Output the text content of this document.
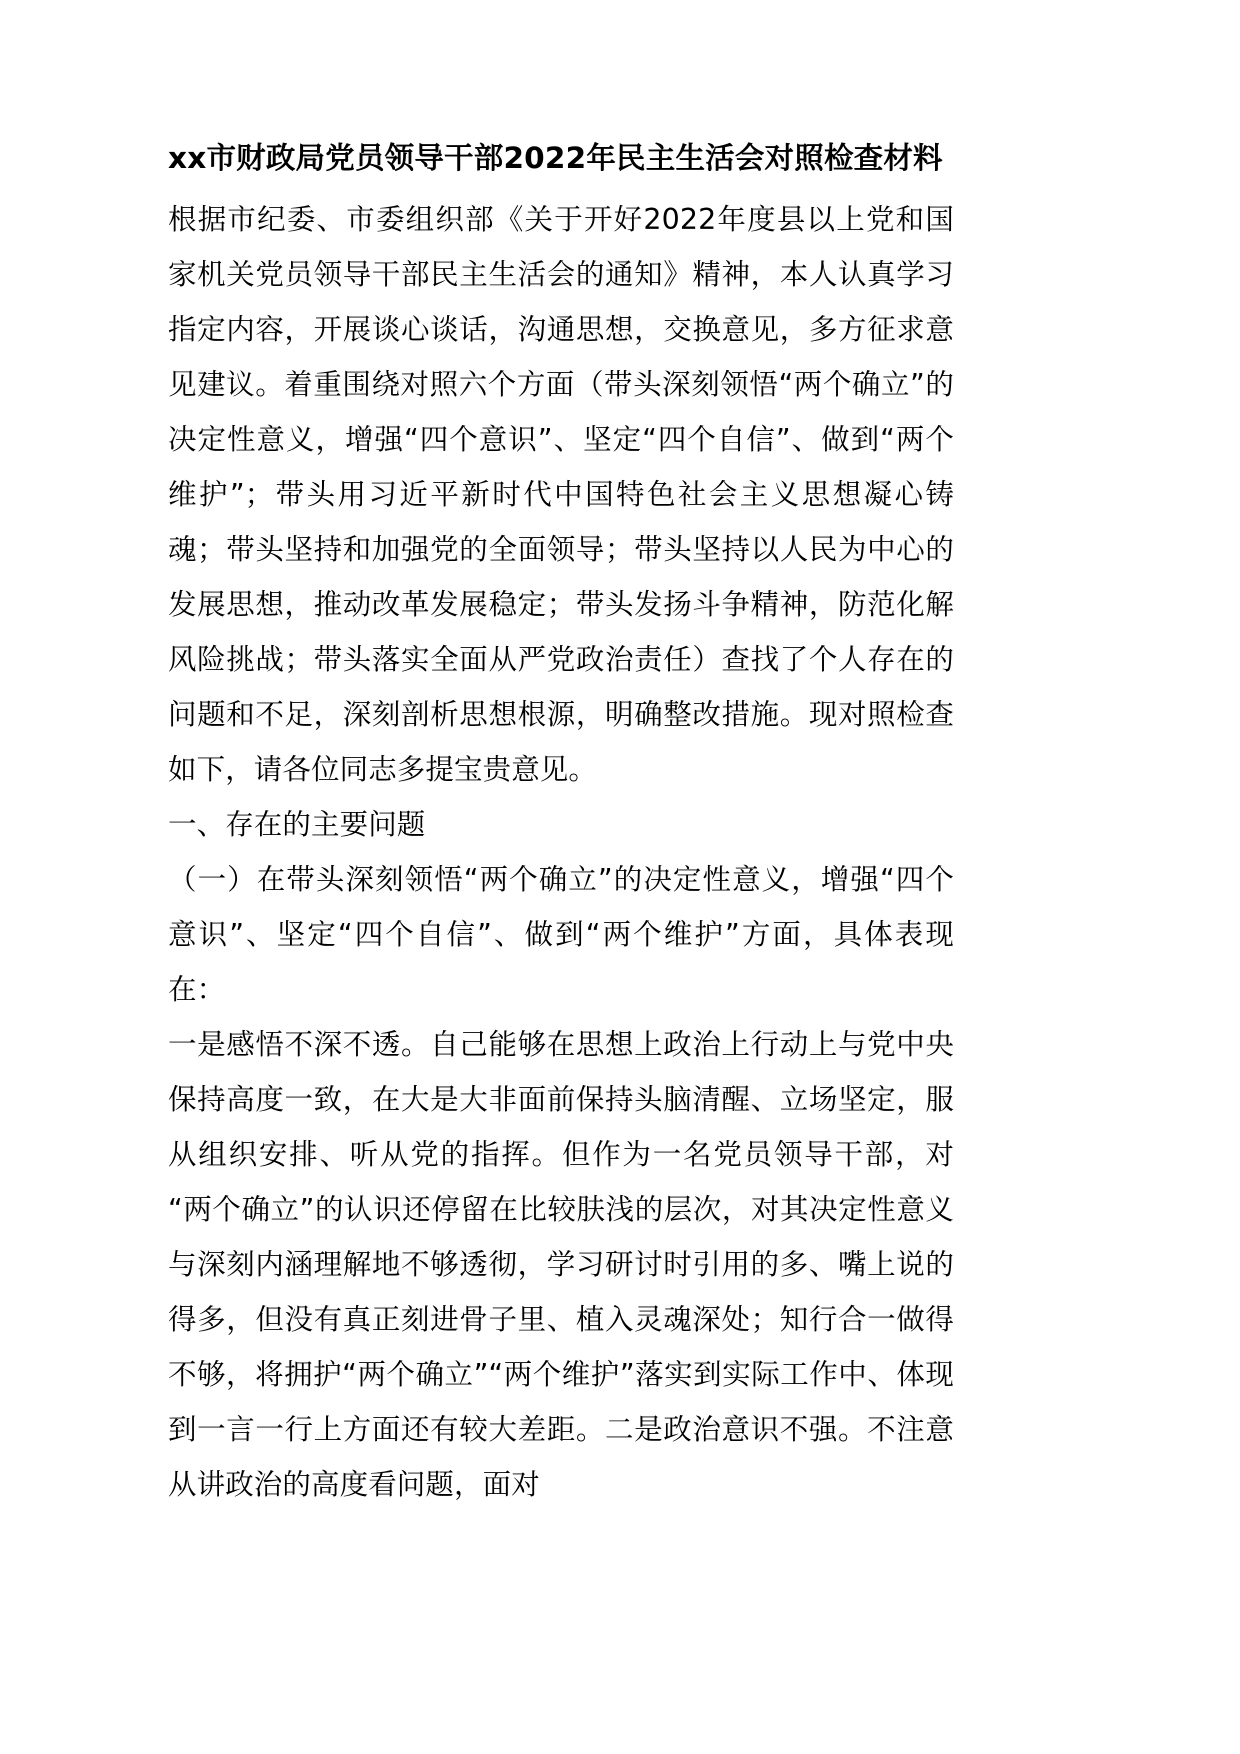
xx市财政局党员领导干部2022年民主生活会对照检查材料

根据市纪委、市委组织部《关于开好2022年度县以上党和国家机关党员领导干部民主生活会的通知》精神，本人认真学习指定内容，开展谈心谈话，沟通思想，交换意见，多方征求意见建议。着重围绕对照六个方面（带头深刻领悟“两个确立”的决定性意义，增强“四个意识”、坚定“四个自信”、做到“两个维护”；带头用习近平新时代中国特色社会主义思想凝心铸魂；带头坚持和加强党的全面领导；带头坚持以人民为中心的发展思想，推动改革发展稳定；带头发扬斗争精神，防范化解风险挑战；带头落实全面从严党政治责任）查找了个人存在的问题和不足，深刻剖析思想根源，明确整改措施。现对照检查如下，请各位同志多提宝贵意见。

一、存在的主要问题

（一）在带头深刻领悟“两个确立”的决定性意义，增强“四个意识”、坚定“四个自信”、做到“两个维护”方面，具体表现在：

一是感悟不深不透。自己能够在思想上政治上行动上与党中央保持高度一致，在大是大非面前保持头脑清醒、立场坚定，服从组织安排、听从党的指挥。但作为一名党员领导干部，对“两个确立”的认识还停留在比较肤浅的层次，对其决定性意义与深刻内涵理解地不够透彻，学习研讨时引用的多、嘴上说的得多，但没有真正刻进骨子里、植入灵魂深处；知行合一做得不够，将拥护“两个确立”“两个维护”落实到实际工作中、体现到一言一行上方面还有较大差距。二是政治意识不强。不注意从讲政治的高度看问题，面对
